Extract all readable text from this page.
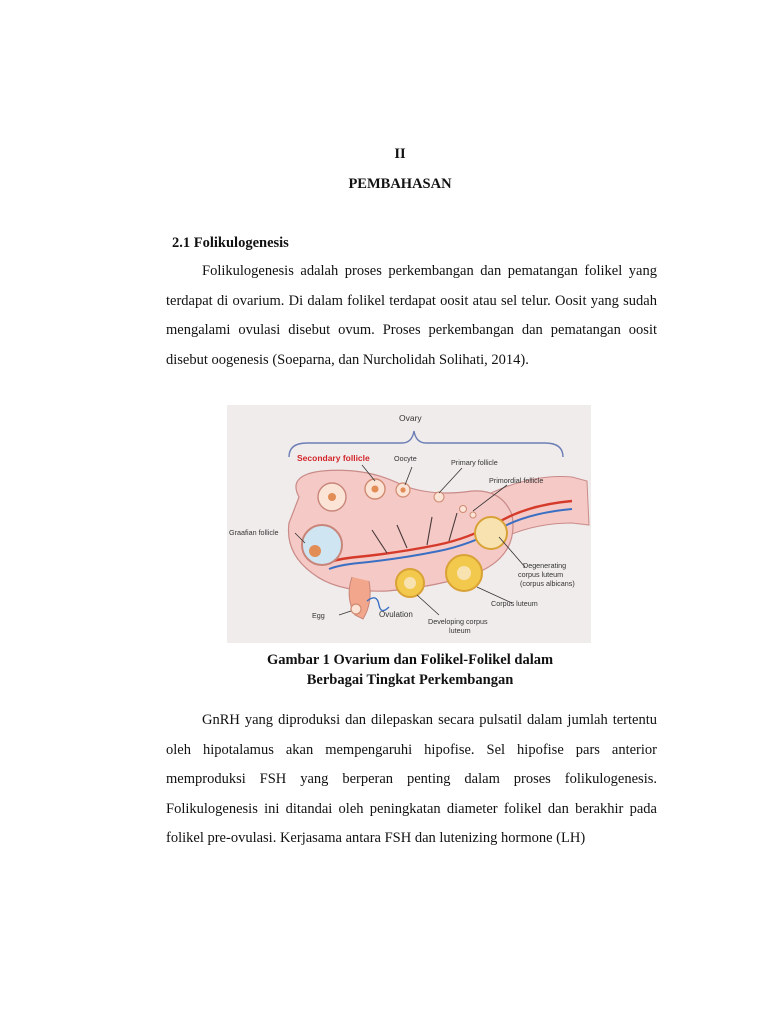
II
PEMBAHASAN
2.1 Folikulogenesis

Folikulogenesis adalah proses perkembangan dan pematangan folikel yang terdapat di ovarium. Di dalam folikel terdapat oosit atau sel telur. Oosit yang sudah mengalami ovulasi disebut ovum. Proses perkembangan dan pematangan oosit disebut oogenesis (Soeparna, dan Nurcholidah Solihati, 2014).

Ovary
Secondary follicle	Oocyte	Primary follicle
Primordial follicle
Graafian follicle
Degenerating
corpus luteum
(corpus albicans)
Corpus luteum
Egg	Ovulation
Developing corpus
luteum
Gambar 1 Ovarium dan Folikel-Folikel dalam
Berbagai Tingkat Perkembangan

GnRH yang diproduksi dan dilepaskan secara pulsatil dalam jumlah tertentu oleh hipotalamus akan mempengaruhi hipofise. Sel hipofise pars anterior memproduksi FSH yang berperan penting dalam proses folikulogenesis. Folikulogenesis ini ditandai oleh peningkatan diameter folikel dan berakhir pada folikel pre-ovulasi. Kerjasama antara FSH dan lutenizing hormone (LH)
